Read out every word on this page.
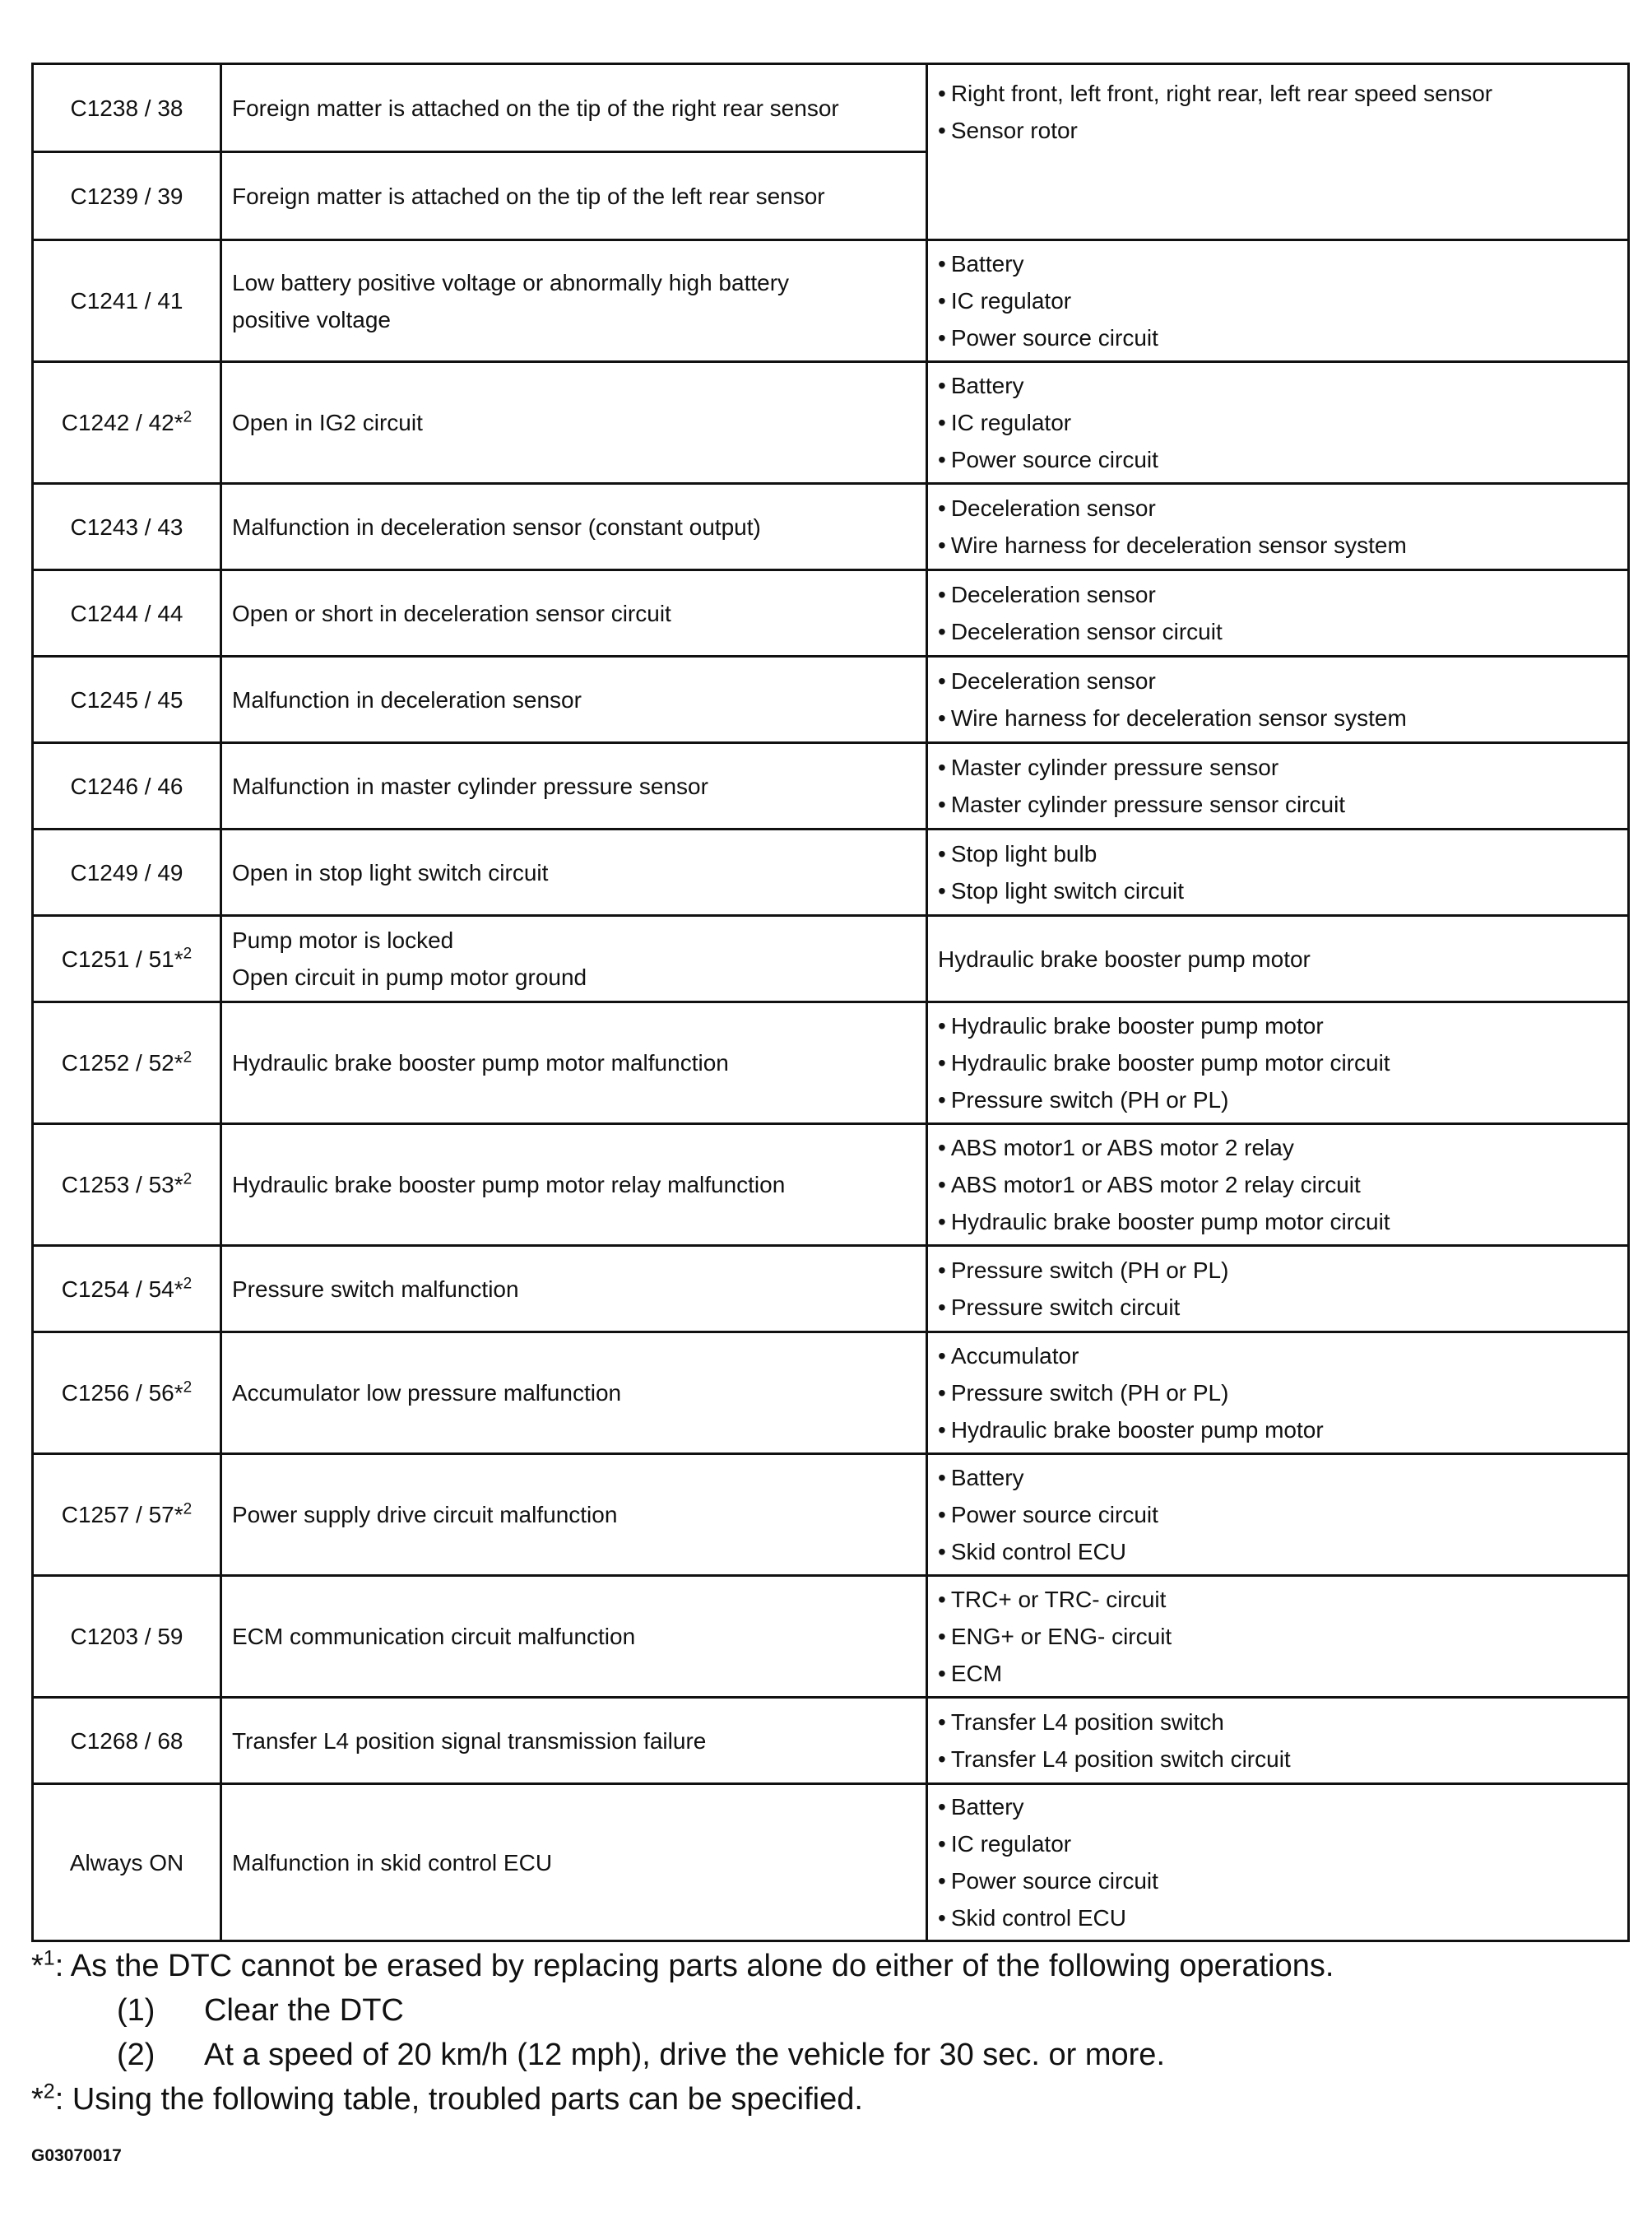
C1238 / 38	Foreign matter is attached on the tip of the right rear sensor	• Right front, left front, right rear, left rear speed sensor
• Sensor rotor

C1239 / 39	Foreign matter is attached on the tip of the left rear sensor	

C1241 / 41	Low battery positive voltage or abnormally high battery
positive voltage	• Battery
• IC regulator
• Power source circuit

C1242 / 42*$^2$	Open in IG2 circuit	• Battery
• IC regulator
• Power source circuit

C1243 / 43	Malfunction in deceleration sensor (constant output)	• Deceleration sensor
• Wire harness for deceleration sensor system

C1244 / 44	Open or short in deceleration sensor circuit	• Deceleration sensor
• Deceleration sensor circuit

C1245 / 45	Malfunction in deceleration sensor	• Deceleration sensor
• Wire harness for deceleration sensor system

C1246 / 46	Malfunction in master cylinder pressure sensor	• Master cylinder pressure sensor
• Master cylinder pressure sensor circuit

C1249 / 49	Open in stop light switch circuit	• Stop light bulb
• Stop light switch circuit

C1251 / 51*$^2$	Pump motor is locked
Open circuit in pump motor ground	Hydraulic brake booster pump motor

C1252 / 52*$^2$	Hydraulic brake booster pump motor malfunction	• Hydraulic brake booster pump motor
• Hydraulic brake booster pump motor circuit
• Pressure switch (PH or PL)

C1253 / 53*$^2$	Hydraulic brake booster pump motor relay malfunction	• ABS motor1 or ABS motor 2 relay
• ABS motor1 or ABS motor 2 relay circuit
• Hydraulic brake booster pump motor circuit

C1254 / 54*$^2$	Pressure switch malfunction	• Pressure switch (PH or PL)
• Pressure switch circuit

C1256 / 56*$^2$	Accumulator low pressure malfunction	• Accumulator
• Pressure switch (PH or PL)
• Hydraulic brake booster pump motor

C1257 / 57*$^2$	Power supply drive circuit malfunction	• Battery
• Power source circuit
• Skid control ECU

C1203 / 59	ECM communication circuit malfunction	• TRC+ or TRC- circuit
• ENG+ or ENG- circuit
• ECM

C1268 / 68	Transfer L4 position signal transmission failure	• Transfer L4 position switch
• Transfer L4 position switch circuit

Always ON	Malfunction in skid control ECU	• Battery
• IC regulator
• Power source circuit
• Skid control ECU
*$^1$: As the DTC cannot be erased by replacing parts alone do either of the following operations.
(1) Clear the DTC
(2) At a speed of 20 km/h (12 mph), drive the vehicle for 30 sec. or more.
*$^2$: Using the following table, troubled parts can be specified.
G03070017
